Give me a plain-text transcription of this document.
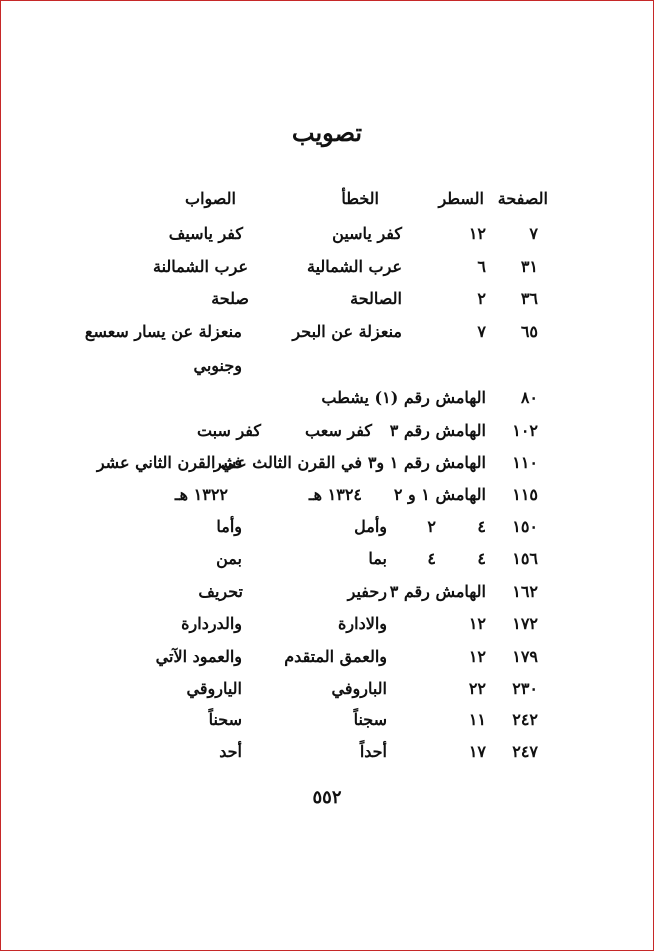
تصويب
الصفحة
السطر
الخطأ
الصواب
٧
١٢
كفر ياسين
كفر ياسيف
٣١
٦
عرب الشمالية
عرب الشمالنة
٣٦
٢
الصالحة
صلحة
٦٥
٧
منعزلة عن البحر
منعزلة عن يسار سعسع
وجنوبي
٨٠
الهامش رقم (١) يشطب
١٠٢
الهامش رقم ٣
كفر سعب
كفر سبت
١١٠
الهامش رقم ١ و٣
في القرن الثالث عشر
في القرن الثاني عشر
١١٥
الهامش ١ و ٢
١٣٢٤ هـ
١٣٢٢ هـ
١٥٠
٤
٢
وأمل
وأما
١٥٦
٤
٤
بما
بمن
١٦٢
الهامش رقم ٣
رحفير
تحريف
١٧٢
١٢
والادارة
والدردارة
١٧٩
١٢
والعمق المتقدم
والعمود الآتي
٢٣٠
٢٢
الباروفي
الياروقي
٢٤٢
١١
سجناً
سحناً
٢٤٧
١٧
أحداً
أحد
٥٥٢
